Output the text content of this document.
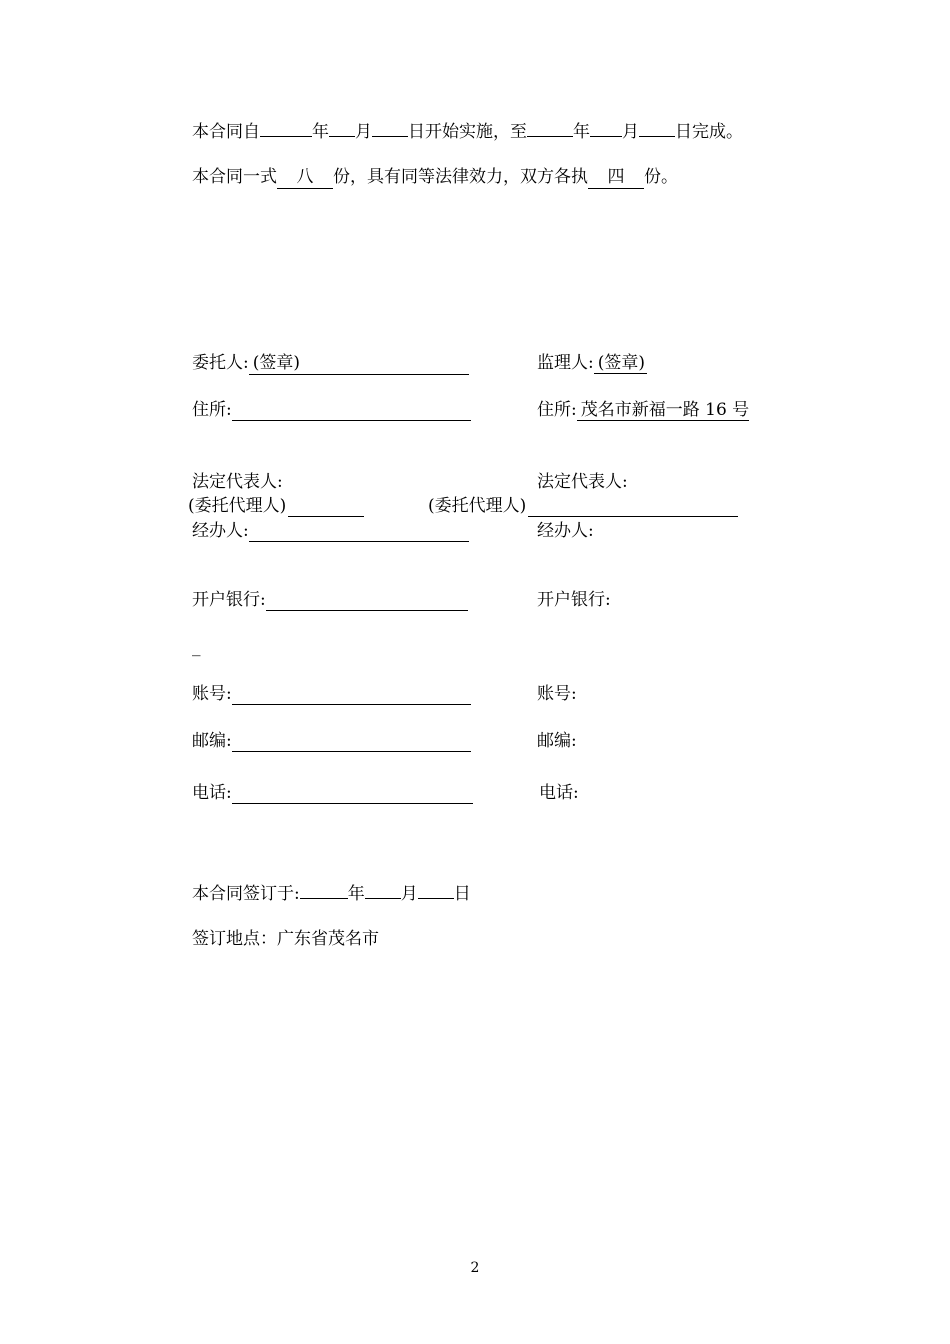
本合同自	年 月 日开始实施，至	年 月 日完成。
本合同一式 八 份，具有同等法律效力，双方各执 四 份。
委托人: (签章)	监理人: (签章)
住所:	住所: 茂名市新福一路 16 号
法定代表人:	法定代表人:
(委托代理人)	(委托代理人)
经办人:	经办人:
开户银行:	开户银行:
_
账号:	账号:
邮编:	邮编:
电话:	电话:
本合同签订于:	年 月 日
签订地点：广东省茂名市
2
